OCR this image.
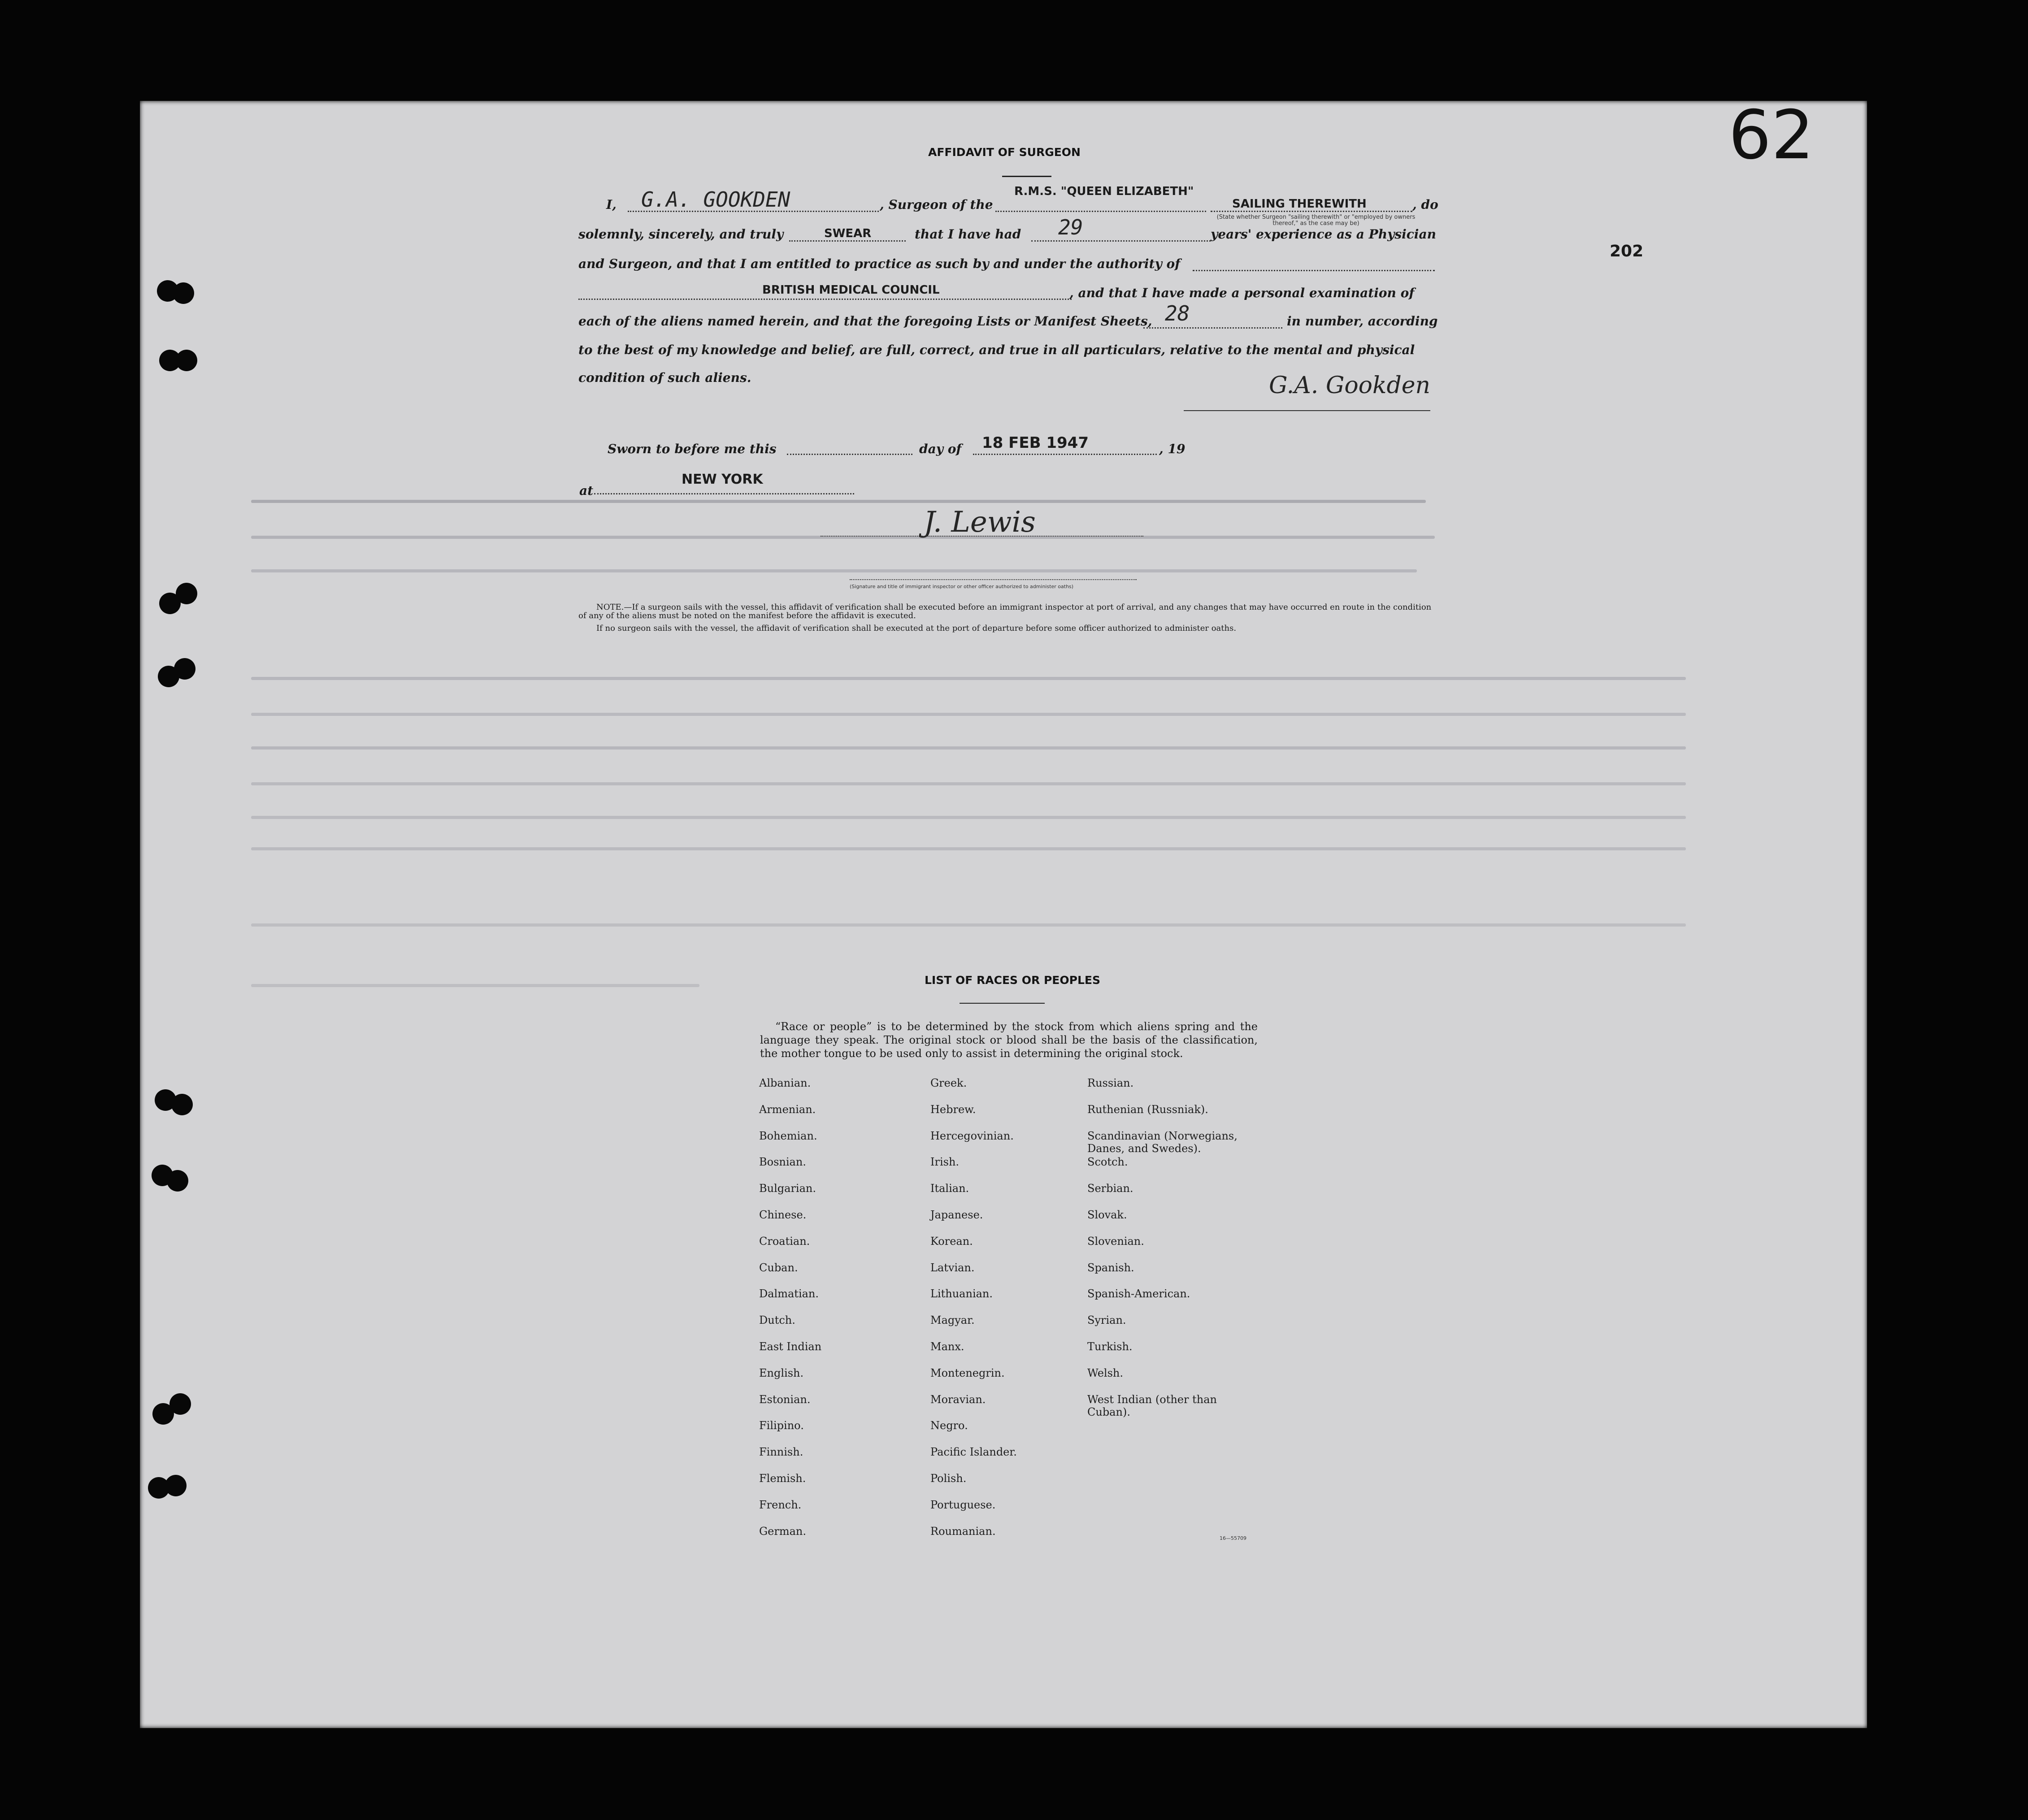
62
202
AFFIDAVIT OF SURGEON
I, G.A. GOOKDEN	, Surgeon of the
R.M.S. "QUEEN ELIZABETH"
SAILING THEREWITH
(State whether Surgeon "sailing therewith" or "employed by owners thereof," as the case may be)
, do
solemnly, sincerely, and truly	SWEAR	that I have had 29	years' experience as a Physician
and Surgeon, and that I am entitled to practice as such by and under the authority of
BRITISH MEDICAL COUNCIL	, and that I have made a personal examination of
each of the aliens named herein, and that the foregoing Lists or Manifest Sheets, 28	in number, according
to the best of my knowledge and belief, are full, correct, and true in all particulars, relative to the mental and physical
condition of such aliens.	G.A. Gookden
Sworn to before me this	day of 18 FEB 1947	, 19
at
NEW YORK
J. Lewis
(Signature and title of immigrant inspector or other officer authorized to administer oaths)
NOTE.—If a surgeon sails with the vessel, this affidavit of verification shall be executed before an immigrant inspector at port of arrival, and any changes that may have occurred en route in the condition of any of the aliens must be noted on the manifest before the affidavit is executed.
If no surgeon sails with the vessel, the affidavit of verification shall be executed at the port of departure before some officer authorized to administer oaths.
LIST OF RACES OR PEOPLES
“Race or people” is to be determined by the stock from which aliens spring and the language they speak. The original stock or blood shall be the basis of the classification, the mother tongue to be used only to assist in determining the original stock.
Albanian.
Armenian.
Bohemian.
Bosnian.
Bulgarian.
Chinese.
Croatian.
Cuban.
Dalmatian.
Dutch.
East Indian
English.
Estonian.
Filipino.
Finnish.
Flemish.
French.
German.
Greek.
Hebrew.
Hercegovinian.
Irish.
Italian.
Japanese.
Korean.
Latvian.
Lithuanian.
Magyar.
Manx.
Montenegrin.
Moravian.
Negro.
Pacific Islander.
Polish.
Portuguese.
Roumanian.
Russian.
Ruthenian (Russniak).
Scandinavian (Norwegians,
Danes, and Swedes).
Scotch.
Serbian.
Slovak.
Slovenian.
Spanish.
Spanish-American.
Syrian.
Turkish.
Welsh.
West Indian (other than
Cuban).
16—55709
